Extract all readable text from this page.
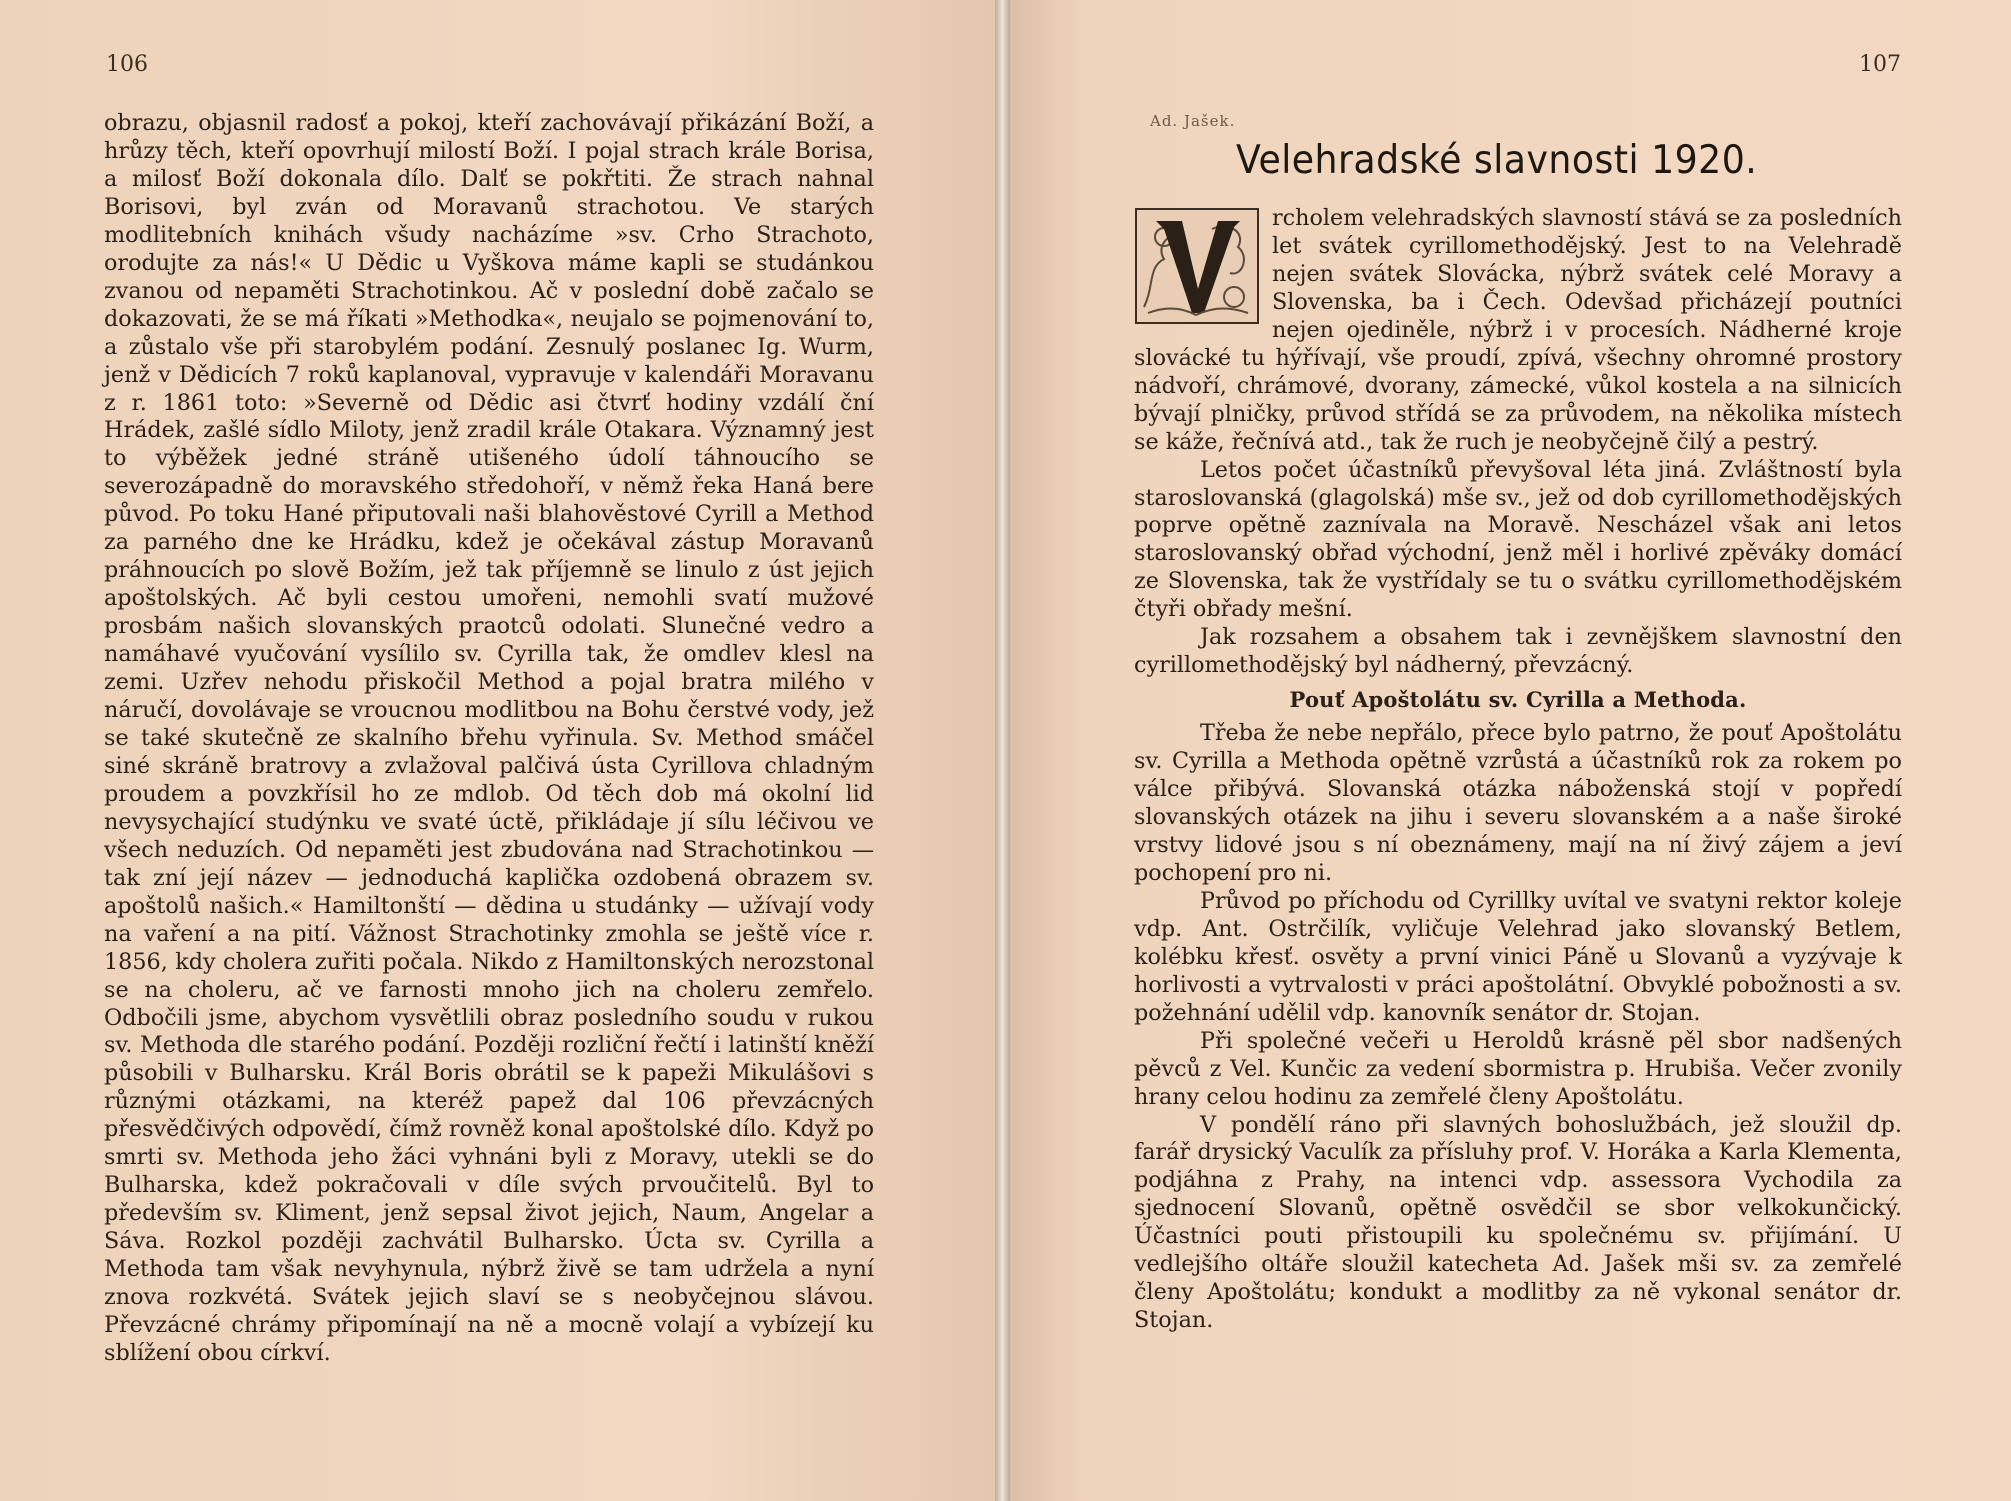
106
obrazu, objasnil radosť a pokoj, kteří zachovávají přikázání Boží, a hrůzy těch, kteří opovrhují milostí Boží. I pojal strach krále Borisa, a milosť Boží dokonala dílo. Dalť se pokřtiti. Že strach nahnal Borisovi, byl zván od Moravanů strachotou. Ve starých modlitebních knihách všudy nacházíme »sv. Crho Strachoto, orodujte za nás!« U Dědic u Vyškova máme kapli se studánkou zvanou od nepaměti Strachotinkou. Ač v poslední době začalo se dokazovati, že se má říkati »Methodka«, neujalo se pojmenování to, a zůstalo vše při starobylém podání. Zesnulý poslanec Ig. Wurm, jenž v Dědicích 7 roků kaplanoval, vypravuje v kalendáři Moravanu z r. 1861 toto: »Severně od Dědic asi čtvrť hodiny vzdálí ční Hrádek, zašlé sídlo Miloty, jenž zradil krále Otakara. Významný jest to výběžek jedné stráně utišeného údolí táhnoucího se severozápadně do moravského středohoří, v němž řeka Haná bere původ. Po toku Hané připutovali naši blahověstové Cyrill a Method za parného dne ke Hrádku, kdež je očekával zástup Moravanů práhnoucích po slově Božím, jež tak příjemně se linulo z úst jejich apoštolských. Ač byli cestou umořeni, nemohli svatí mužové prosbám našich slovanských praotců odolati. Slunečné vedro a namáhavé vyučování vysílilo sv. Cyrilla tak, že omdlev klesl na zemi. Uzřev nehodu přiskočil Method a pojal bratra milého v náručí, dovolávaje se vroucnou modlitbou na Bohu čerstvé vody, jež se také skutečně ze skalního břehu vyřinula. Sv. Method smáčel siné skráně bratrovy a zvlažoval palčivá ústa Cyrillova chladným proudem a povzkřísil ho ze mdlob. Od těch dob má okolní lid nevysychající studýnku ve svaté úctě, přikládaje jí sílu léčivou ve všech neduzích. Od nepaměti jest zbudována nad Strachotinkou — tak zní její název — jednoduchá kaplička ozdobená obrazem sv. apoštolů našich.« Hamiltonští — dědina u studánky — užívají vody na vaření a na pití. Vážnost Strachotinky zmohla se ještě více r. 1856, kdy cholera zuřiti počala. Nikdo z Hamiltonských nerozstonal se na choleru, ač ve farnosti mnoho jich na choleru zemřelo. Odbočili jsme, abychom vysvětlili obraz posledního soudu v rukou sv. Methoda dle starého podání. Později rozliční řečtí i latinští kněží působili v Bulharsku. Král Boris obrátil se k papeži Mikulášovi s různými otázkami, na kteréž papež dal 106 převzácných přesvědčivých odpovědí, čímž rovněž konal apoštolské dílo. Když po smrti sv. Methoda jeho žáci vyhnáni byli z Moravy, utekli se do Bulharska, kdež pokračovali v díle svých prvoučitelů. Byl to především sv. Kliment, jenž sepsal život jejich, Naum, Angelar a Sáva. Rozkol později zachvátil Bulharsko. Úcta sv. Cyrilla a Methoda tam však nevyhynula, nýbrž živě se tam udržela a nyní znova rozkvétá. Svátek jejich slaví se s neobyčejnou slávou. Převzácné chrámy připomínají na ně a mocně volají a vybízejí ku sblížení obou církví.
107
Ad. Jašek.
Velehradské slavnosti 1920.

rcholem velehradských slavností stává se za posledních let svátek cyrillomethodějský. Jest to na Velehradě nejen svátek Slovácka, nýbrž svátek celé Moravy a Slovenska, ba i Čech. Odevšad přicházejí poutníci nejen ojediněle, nýbrž i v procesích. Nádherné kroje slovácké tu hýřívají, vše proudí, zpívá, všechny ohromné prostory nádvoří, chrámové, dvorany, zámecké, vůkol kostela a na silnicích bývají plničky, průvod střídá se za průvodem, na několika místech se káže, řečnívá atd., tak že ruch je neobyčejně čilý a pestrý.

Letos počet účastníků převyšoval léta jiná. Zvláštností byla staroslovanská (glagolská) mše sv., jež od dob cyrillomethodějských poprve opětně zaznívala na Moravě. Nescházel však ani letos staroslovanský obřad východní, jenž měl i horlivé zpěváky domácí ze Slovenska, tak že vystřídaly se tu o svátku cyrillomethodějském čtyři obřady mešní.

Jak rozsahem a obsahem tak i zevnějškem slavnostní den cyrillomethodějský byl nádherný, převzácný.

Pouť Apoštolátu sv. Cyrilla a Methoda.

Třeba že nebe nepřálo, přece bylo patrno, že pouť Apoštolátu sv. Cyrilla a Methoda opětně vzrůstá a účastníků rok za rokem po válce přibývá. Slovanská otázka náboženská stojí v popředí slovanských otázek na jihu i severu slovanském a a naše široké vrstvy lidové jsou s ní obeznámeny, mají na ní živý zájem a jeví pochopení pro ni.

Průvod po příchodu od Cyrillky uvítal ve svatyni rektor koleje vdp. Ant. Ostrčilík, vyličuje Velehrad jako slovanský Betlem, kolébku křesť. osvěty a první vinici Páně u Slovanů a vyzývaje k horlivosti a vytrvalosti v práci apoštolátní. Obvyklé pobožnosti a sv. požehnání udělil vdp. kanovník senátor dr. Stojan.

Při společné večeři u Heroldů krásně pěl sbor nadšených pěvců z Vel. Kunčic za vedení sbormistra p. Hrubiša. Večer zvonily hrany celou hodinu za zemřelé členy Apoštolátu.

V pondělí ráno při slavných bohoslužbách, jež sloužil dp. farář drysický Vaculík za přísluhy prof. V. Horáka a Karla Klementa, podjáhna z Prahy, na intenci vdp. assessora Vychodila za sjednocení Slovanů, opětně osvědčil se sbor velkokunčický. Účastníci pouti přistoupili ku společnému sv. přijímání. U vedlejšího oltáře sloužil katecheta Ad. Jašek mši sv. za zemřelé členy Apoštolátu; kondukt a modlitby za ně vykonal senátor dr. Stojan.
